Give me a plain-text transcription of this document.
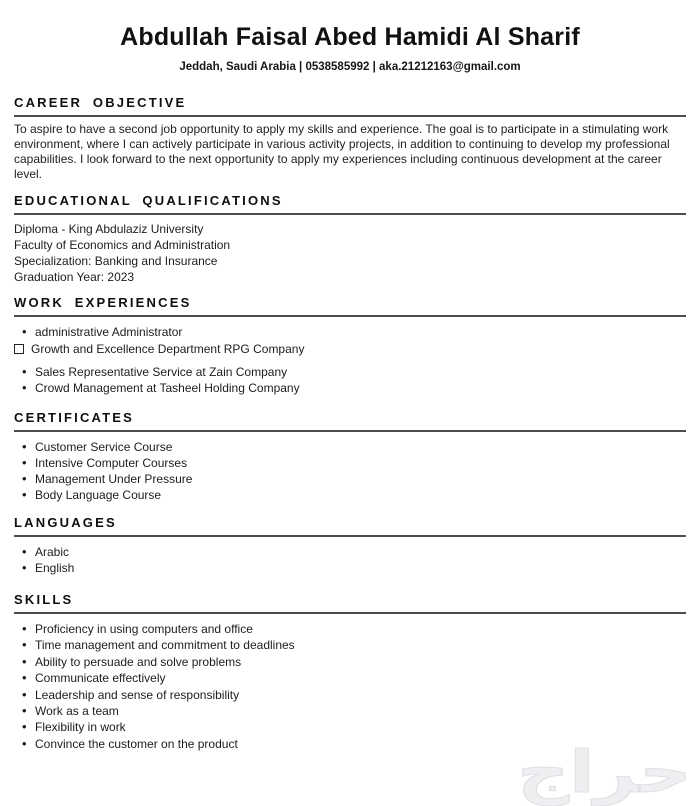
Abdullah Faisal Abed Hamidi Al Sharif
Jeddah, Saudi Arabia | 0538585992 | aka.21212163@gmail.com
CAREER OBJECTIVE

To aspire to have a second job opportunity to apply my skills and experience. The goal is to participate in a stimulating work environment, where I can actively participate in various activity projects, in addition to continuing to develop my professional capabilities. I look forward to the next opportunity to apply my experiences including continuous development at the career level.

EDUCATIONAL QUALIFICATIONS
Diploma - King Abdulaziz University
Faculty of Economics and Administration
Specialization: Banking and Insurance
Graduation Year: 2023
WORK EXPERIENCES
• administrative Administrator
Growth and Excellence Department RPG Company
• Sales Representative Service at Zain Company
• Crowd Management at Tasheel Holding Company
CERTIFICATES
• Customer Service Course
• Intensive Computer Courses
• Management Under Pressure
• Body Language Course
LANGUAGES
• Arabic
• English
SKILLS
• Proficiency in using computers and office
• Time management and commitment to deadlines
• Ability to persuade and solve problems
• Communicate effectively
• Leadership and sense of responsibility
• Work as a team
• Flexibility in work
• Convince the customer on the product	حراج
